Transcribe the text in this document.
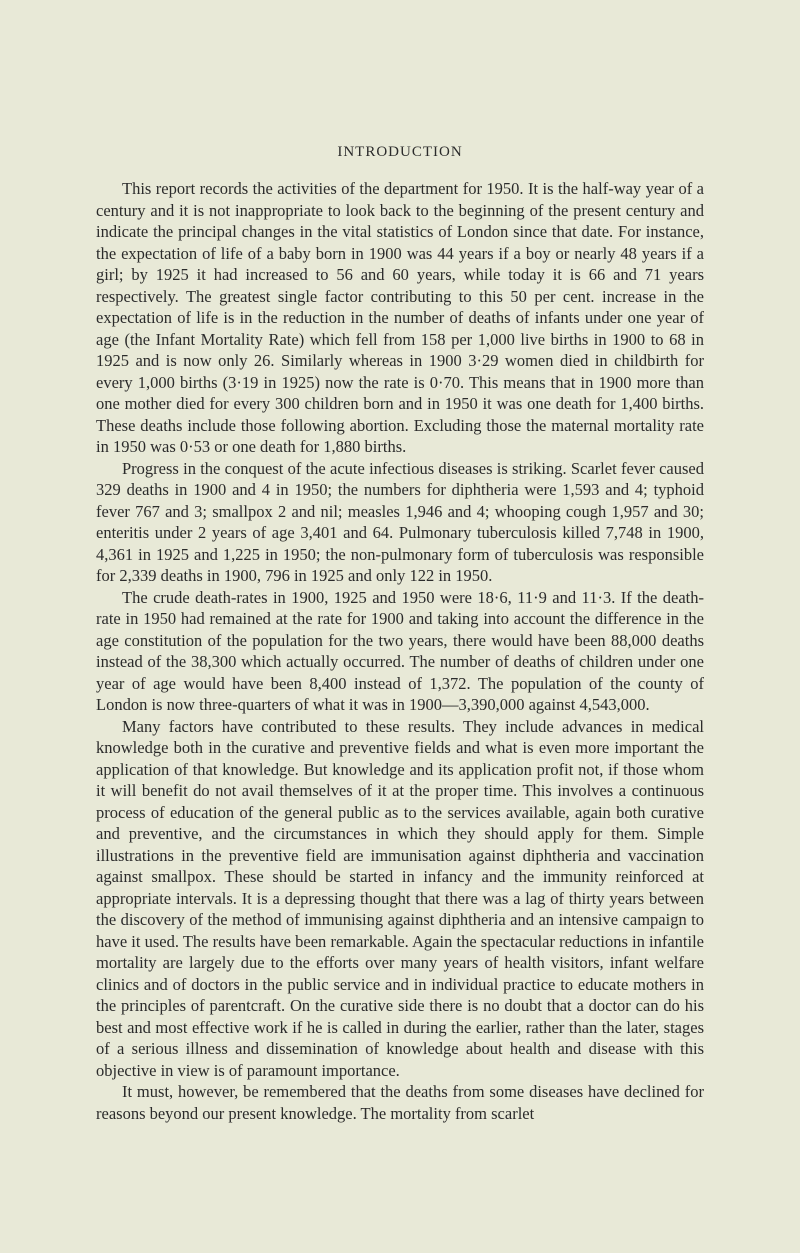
INTRODUCTION

This report records the activities of the department for 1950. It is the half-way year of a century and it is not inappropriate to look back to the beginning of the present century and indicate the principal changes in the vital statistics of London since that date. For instance, the expectation of life of a baby born in 1900 was 44 years if a boy or nearly 48 years if a girl; by 1925 it had increased to 56 and 60 years, while today it is 66 and 71 years respectively. The greatest single factor contributing to this 50 per cent. increase in the expectation of life is in the reduction in the number of deaths of infants under one year of age (the Infant Mortality Rate) which fell from 158 per 1,000 live births in 1900 to 68 in 1925 and is now only 26. Similarly whereas in 1900 3·29 women died in childbirth for every 1,000 births (3·19 in 1925) now the rate is 0·70. This means that in 1900 more than one mother died for every 300 children born and in 1950 it was one death for 1,400 births. These deaths include those following abortion. Excluding those the maternal mortality rate in 1950 was 0·53 or one death for 1,880 births.

Progress in the conquest of the acute infectious diseases is striking. Scarlet fever caused 329 deaths in 1900 and 4 in 1950; the numbers for diphtheria were 1,593 and 4; typhoid fever 767 and 3; smallpox 2 and nil; measles 1,946 and 4; whooping cough 1,957 and 30; enteritis under 2 years of age 3,401 and 64. Pulmonary tuberculosis killed 7,748 in 1900, 4,361 in 1925 and 1,225 in 1950; the non-pulmonary form of tuberculosis was responsible for 2,339 deaths in 1900, 796 in 1925 and only 122 in 1950.

The crude death-rates in 1900, 1925 and 1950 were 18·6, 11·9 and 11·3. If the death-rate in 1950 had remained at the rate for 1900 and taking into account the difference in the age constitution of the population for the two years, there would have been 88,000 deaths instead of the 38,300 which actually occurred. The number of deaths of children under one year of age would have been 8,400 instead of 1,372. The population of the county of London is now three-quarters of what it was in 1900—3,390,000 against 4,543,000.

Many factors have contributed to these results. They include advances in medical knowledge both in the curative and preventive fields and what is even more important the application of that knowledge. But knowledge and its application profit not, if those whom it will benefit do not avail themselves of it at the proper time. This involves a continuous process of education of the general public as to the services available, again both curative and preventive, and the circumstances in which they should apply for them. Simple illustrations in the preventive field are immunisation against diphtheria and vaccination against smallpox. These should be started in infancy and the immunity reinforced at appropriate intervals. It is a depressing thought that there was a lag of thirty years between the discovery of the method of immunising against diphtheria and an intensive campaign to have it used. The results have been remarkable. Again the spectacular reductions in infantile mortality are largely due to the efforts over many years of health visitors, infant welfare clinics and of doctors in the public service and in individual practice to educate mothers in the principles of parentcraft. On the curative side there is no doubt that a doctor can do his best and most effective work if he is called in during the earlier, rather than the later, stages of a serious illness and dissemination of knowledge about health and disease with this objective in view is of paramount importance.

It must, however, be remembered that the deaths from some diseases have declined for reasons beyond our present knowledge. The mortality from scarlet
